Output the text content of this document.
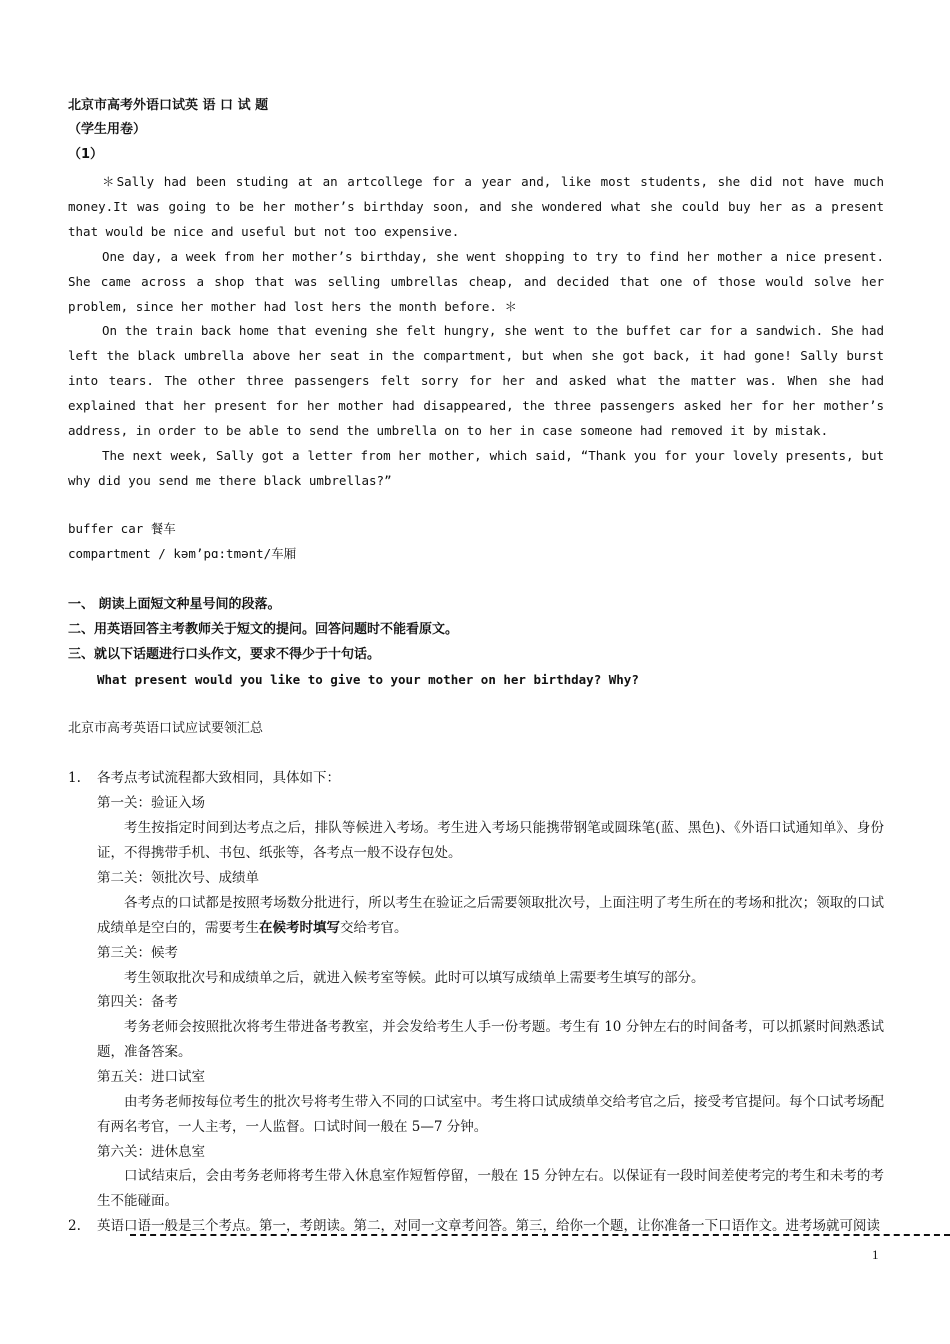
北京市高考外语口试英 语 口 试 题
（学生用卷）
（1）
＊Sally had been studing at an artcollege for a year and, like most students, she did not have much money.It was going to be her mother’s birthday soon, and she wondered what she could buy her as a present that would be nice and useful but not too expensive.
One day, a week from her mother’s birthday, she went shopping to try to find her mother a nice present. She came across a shop that was selling umbrellas cheap, and decided that one of those would solve her problem, since her mother had lost hers the month before. ＊
On the train back home that evening she felt hungry, she went to the buffet car for a sandwich. She had left the black umbrella above her seat in the compartment, but when she got back, it had gone! Sally burst into tears. The other three passengers felt sorry for her and asked what the matter was. When she had explained that her present for her mother had disappeared, the three passengers asked her for her mother’s address, in order to be able to send the umbrella on to her in case someone had removed it by mistak.
The next week, Sally got a letter from her mother, which said, “Thank you for your lovely presents, but why did you send me there black umbrellas?”
buffer car 餐车
compartment / kəm’pɑ:tmənt/车厢
一、 朗读上面短文种星号间的段落。
二、用英语回答主考教师关于短文的提问。回答问题时不能看原文。
三、就以下话题进行口头作文，要求不得少于十句话。
What present would you like to give to your mother on her birthday? Why?
北京市高考英语口试应试要领汇总
1. 各考点考试流程都大致相同，具体如下：
第一关：验证入场
考生按指定时间到达考点之后，排队等候进入考场。考生进入考场只能携带钢笔或圆珠笔(蓝、黑色)、《外语口试通知单》、身份证，不得携带手机、书包、纸张等，各考点一般不设存包处。
第二关：领批次号、成绩单
各考点的口试都是按照考场数分批进行，所以考生在验证之后需要领取批次号，上面注明了考生所在的考场和批次；领取的口试成绩单是空白的，需要考生在候考时填写交给考官。
第三关：候考
考生领取批次号和成绩单之后，就进入候考室等候。此时可以填写成绩单上需要考生填写的部分。
第四关：备考
考务老师会按照批次将考生带进备考教室，并会发给考生人手一份考题。考生有 10 分钟左右的时间备考，可以抓紧时间熟悉试题，准备答案。
第五关：进口试室
由考务老师按每位考生的批次号将考生带入不同的口试室中。考生将口试成绩单交给考官之后，接受考官提问。每个口试考场配有两名考官，一人主考，一人监督。口试时间一般在 5—7 分钟。
第六关：进休息室
口试结束后，会由考务老师将考生带入休息室作短暂停留，一般在 15 分钟左右。以保证有一段时间差使考完的考生和未考的考生不能碰面。
2. 英语口语一般是三个考点。第一，考朗读。第二，对同一文章考问答。第三，给你一个题，让你准备一下口语作文。进考场就可阅读
1
